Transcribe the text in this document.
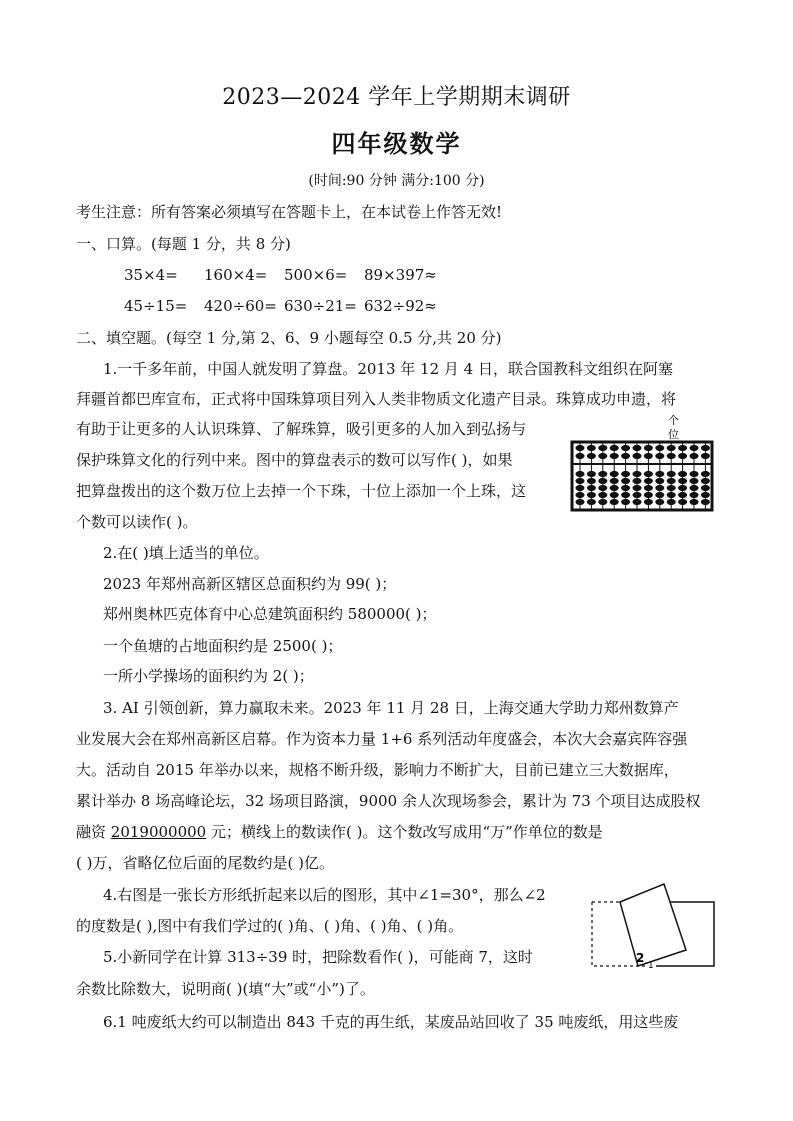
2023—2024 学年上学期期末调研
四年级数学
(时间:90 分钟 满分:100 分)
考生注意：所有答案必须填写在答题卡上，在本试卷上作答无效!
一、口算。(每题 1 分，共 8 分)
35×4= 160×4= 500×6= 89×397≈
45÷15= 420÷60= 630÷21= 632÷92≈
二、填空题。(每空 1 分,第 2、6、9 小题每空 0.5 分,共 20 分)
1.一千多年前，中国人就发明了算盘。2013 年 12 月 4 日，联合国教科文组织在阿塞
拜疆首都巴库宣布，正式将中国珠算项目列入人类非物质文化遗产目录。珠算成功申遗，将
有助于让更多的人认识珠算、了解珠算，吸引更多的人加入到弘扬与
保护珠算文化的行列中来。图中的算盘表示的数可以写作( )，如果
把算盘拨出的这个数万位上去掉一个下珠，十位上添加一个上珠，这
个数可以读作( )。
个
位
2.在( )填上适当的单位。
2023 年郑州高新区辖区总面积约为 99( )；
郑州奥林匹克体育中心总建筑面积约 580000( )；
一个鱼塘的占地面积约是 2500( )；
一所小学操场的面积约为 2( )；
3. AI 引领创新，算力赢取未来。2023 年 11 月 28 日，上海交通大学助力郑州数算产
业发展大会在郑州高新区启幕。作为资本力量 1+6 系列活动年度盛会，本次大会嘉宾阵容强
大。活动自 2015 年举办以来，规格不断升级，影响力不断扩大，目前已建立三大数据库，
累计举办 8 场高峰论坛，32 场项目路演，9000 余人次现场参会，累计为 73 个项目达成股权
融资 2019000000 元；横线上的数读作( )。这个数改写成用“万”作单位的数是
( )万，省略亿位后面的尾数约是( )亿。
4.右图是一张长方形纸折起来以后的图形，其中∠1=30°，那么∠2
的度数是( ),图中有我们学过的( )角、( )角、( )角、( )角。
2
1
5.小新同学在计算 313÷39 时，把除数看作( )，可能商 7，这时
余数比除数大，说明商( )(填“大”或“小”)了。
6.1 吨废纸大约可以制造出 843 千克的再生纸，某废品站回收了 35 吨废纸，用这些废
